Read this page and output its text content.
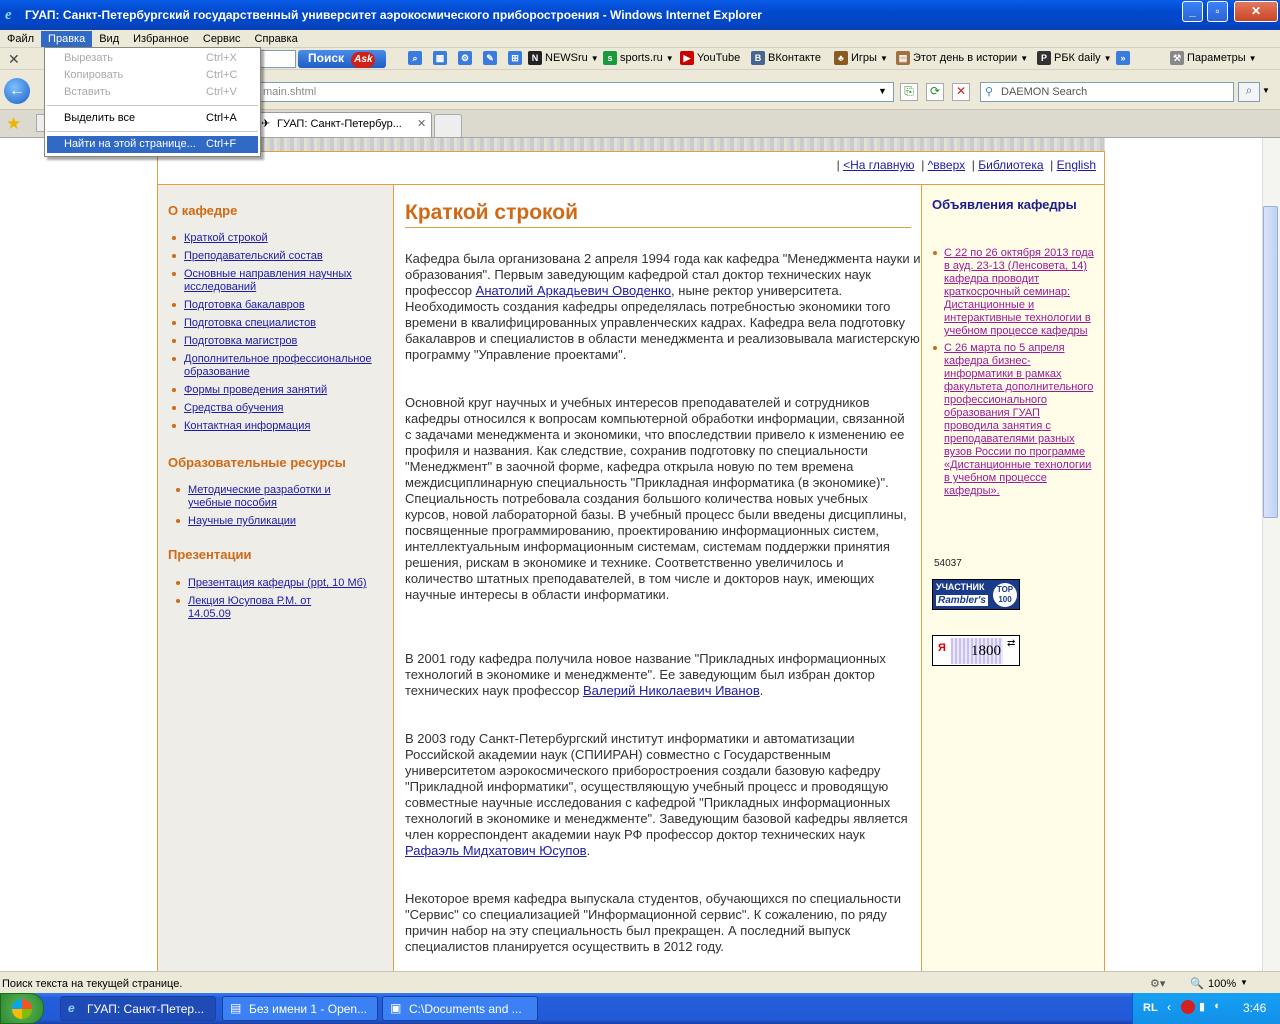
e	ГУАП: Санкт-Петербургский государственный университет аэрокосмического приборостроения - Windows Internet Explorer	_	▫	✕
Файл	Правка	Вид	Избранное	Сервис	Справка
✕	Поиск Ask	⌕	▦	⚙	✎	⊞	N NEWSru ▼ s sports.ru ▼	▶ YouTube	B ВКонтакте	♣ Игры ▼	▤ Этот день в истории ▼	Р РБК daily ▼ »	⚒ Параметры ▼
←	main.shtml	▼	⎘	⟳	✕	DAEMON Search
⚲	⌕	▼
★	✈ ГУАП: Санкт-Петербур... ✕
| <На главную  | ^вверх  | Библиотека  | English
О кафедре
Краткой строкой
Преподавательский состав
Основные направления научных исследований
Подготовка бакалавров
Подготовка специалистов
Подготовка магистров
Дополнительное профессиональное образование
Формы проведения занятий
Средства обучения
Контактная информация
Образовательные ресурсы
Методические разработки и учебные пособия
Научные публикации
Презентации
Презентация кафедры (ppt, 10 Мб)
Лекция Юсупова Р.М. от 14.05.09
Краткой строкой
Кафедра была организована 2 апреля 1994 года как кафедра "Менеджмента науки и образования". Первым заведующим кафедрой стал доктор технических наук профессор Анатолий Аркадьевич Оводенко, ныне ректор университета. Необходимость создания кафедры определялась потребностью экономики того времени в квалифицированных управленческих кадрах. Кафедра вела подготовку бакалавров и специалистов в области менеджмента и реализовывала магистерскую программу "Управление проектами".
Основной круг научных и учебных интересов преподавателей и сотрудников кафедры относился к вопросам компьютерной обработки информации, связанной с задачами менеджмента и экономики, что впоследствии привело к изменению ее профиля и названия. Как следствие, сохранив подготовку по специальности "Менеджмент" в заочной форме, кафедра открыла новую по тем времена междисциплинарную специальность "Прикладная информатика (в экономике)". Специальность потребовала создания большого количества новых учебных курсов, новой лабораторной базы. В учебный процесс были введены дисциплины, посвященные программированию, проектированию информационных систем, интеллектуальным информационным системам, системам поддержки принятия решения, рискам в экономике и технике. Соответственно увеличилось и количество штатных преподавателей, в том числе и докторов наук, имеющих научные интересы в области информатики.
В 2001 году кафедра получила новое название "Прикладных информационных технологий в экономике и менеджменте". Ее заведующим был избран доктор технических наук профессор Валерий Николаевич Иванов.
В 2003 году Санкт-Петербургский институт информатики и автоматизации Российской академии наук (СПИИРАН) совместно с Государственным университетом аэрокосмического приборостроения создали базовую кафедру "Прикладной информатики", осуществляющую учебный процесс и проводящую совместные научные исследования с кафедрой "Прикладных информационных технологий в экономике и менеджменте". Заведующим базовой кафедры является член корреспондент академии наук РФ профессор доктор технических наук Рафаэль Мидхатович Юсупов.
Некоторое время кафедра выпускала студентов, обучающихся по специальности "Сервис" со специализацией "Информационной сервис". К сожалению, по ряду причин набор на эту специальность был прекращен. А последний выпуск специалистов планируется осуществить в 2012 году.
Объявления кафедры
С 22 по 26 октября 2013 года в ауд. 23-13 (Ленсовета, 14) кафедра проводит краткосрочный семинар: Дистанционные и интерактивные технологии в учебном процессе кафедры
С 26 марта по 5 апреля кафедра бизнес-информатики в рамках факультета дополнительного профессионального образования ГУАП проводила занятия с преподавателями разных вузов России по программе «Дистанционные технологии в учебном процессе кафедры».
54037
УЧАСТНИК
Rambler's
TOP 100
Я	1800 ⇄
Поиск текста на текущей странице.	⚙▾ 🔍 100% ▼
e ГУАП: Санкт-Петер...	▤ Без имени 1 - Open...	▣ C:\Documents and ...	RL ‹	▮ ◖ 3:46
Вырезать	Ctrl+X
Копировать	Ctrl+C
Вставить	Ctrl+V
Выделить все	Ctrl+A
Найти на этой странице... Ctrl+F
